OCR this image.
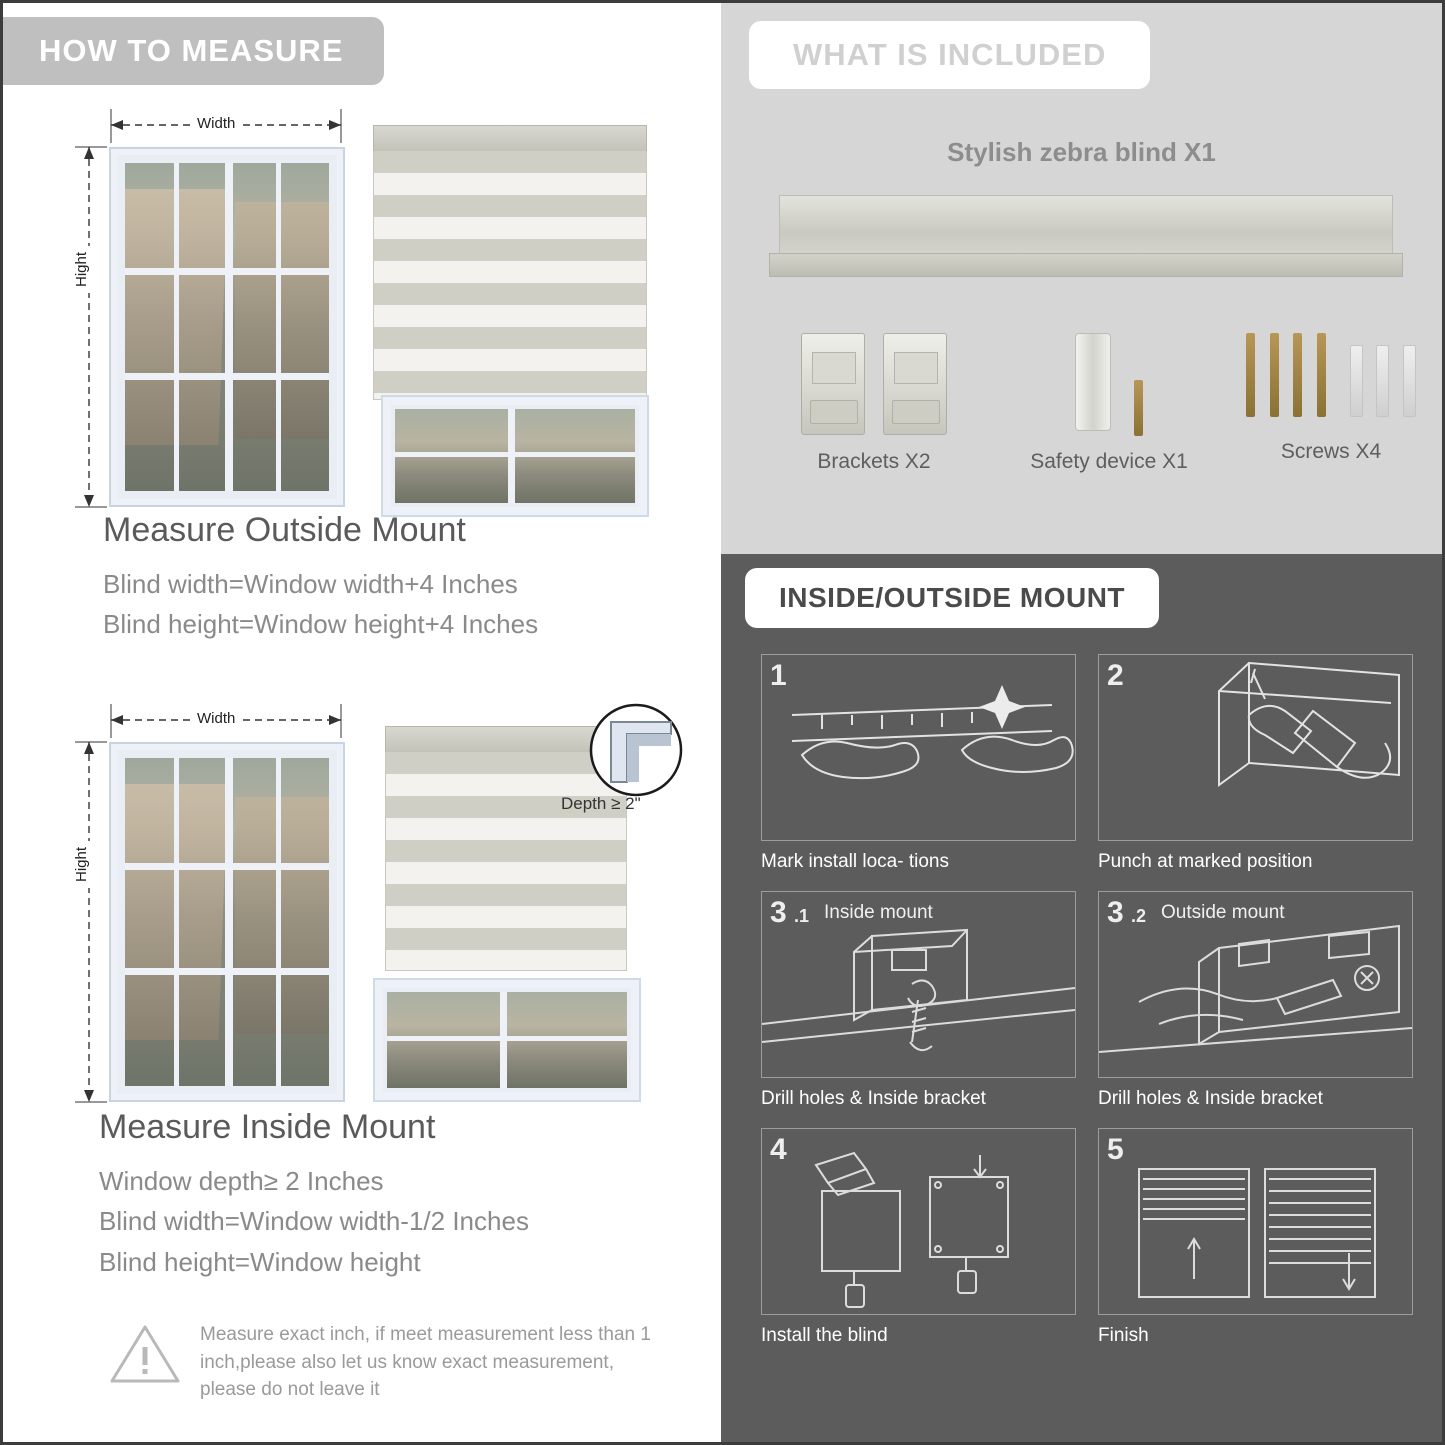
HOW TO MEASURE
Width
Hight
Measure Outside Mount
Blind width=Window width+4 Inches
Blind height=Window height+4 Inches
Width
Hight
Depth ≥ 2"
Measure Inside Mount
Window depth≥ 2 Inches
Blind width=Window width-1/2 Inches
Blind height=Window height

Measure exact inch, if meet measurement less than 1 inch,please also let us know exact measurement, please do not leave it

WHAT IS INCLUDED
Stylish zebra blind X1

Brackets X2
	Safety device X1
	Screws X4
INSIDE/OUTSIDE MOUNT
1
Mark install loca- tions
2
Punch at marked position
3 .1 Inside mount
Drill holes & Inside bracket
3 .2 Outside mount
Drill holes & Inside bracket
4
Install the blind
5
Finish
